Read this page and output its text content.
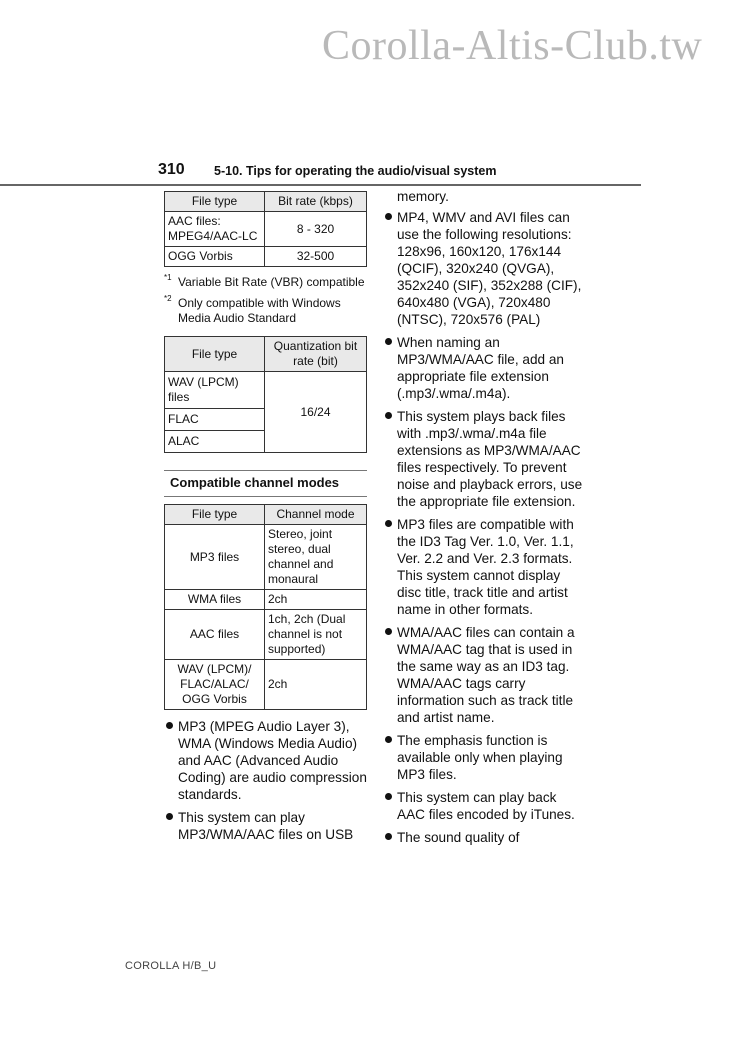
Corolla-Altis-Club.tw
310 5-10. Tips for operating the audio/visual system
File type	Bit rate (kbps)
AAC files: MPEG4/AAC-LC	8 - 320
OGG Vorbis	32-500
*1 Variable Bit Rate (VBR) compatible
*2 Only compatible with Windows Media Audio Standard
File type	Quantization bit rate (bit)
WAV (LPCM) files	16/24
FLAC	
ALAC	
Compatible channel modes
File type	Channel mode
MP3 files	Stereo, joint stereo, dual channel and monaural
WMA files	2ch
AAC files	1ch, 2ch (Dual channel is not supported)
WAV (LPCM)/ FLAC/ALAC/ OGG Vorbis	2ch
MP3 (MPEG Audio Layer 3), WMA (Windows Media Audio) and AAC (Advanced Audio Coding) are audio compression standards.
This system can play MP3/WMA/AAC files on USB
memory.
MP4, WMV and AVI files can use the following resolutions: 128x96, 160x120, 176x144 (QCIF), 320x240 (QVGA), 352x240 (SIF), 352x288 (CIF), 640x480 (VGA), 720x480 (NTSC), 720x576 (PAL)
When naming an MP3/WMA/AAC file, add an appropriate file extension (.mp3/.wma/.m4a).
This system plays back files with .mp3/.wma/.m4a file extensions as MP3/WMA/AAC files respectively. To prevent noise and playback errors, use the appropriate file extension.
MP3 files are compatible with the ID3 Tag Ver. 1.0, Ver. 1.1, Ver. 2.2 and Ver. 2.3 formats. This system cannot display disc title, track title and artist name in other formats.
WMA/AAC files can contain a WMA/AAC tag that is used in the same way as an ID3 tag. WMA/AAC tags carry information such as track title and artist name.
The emphasis function is available only when playing MP3 files.
This system can play back AAC files encoded by iTunes.
The sound quality of
COROLLA H/B_U
